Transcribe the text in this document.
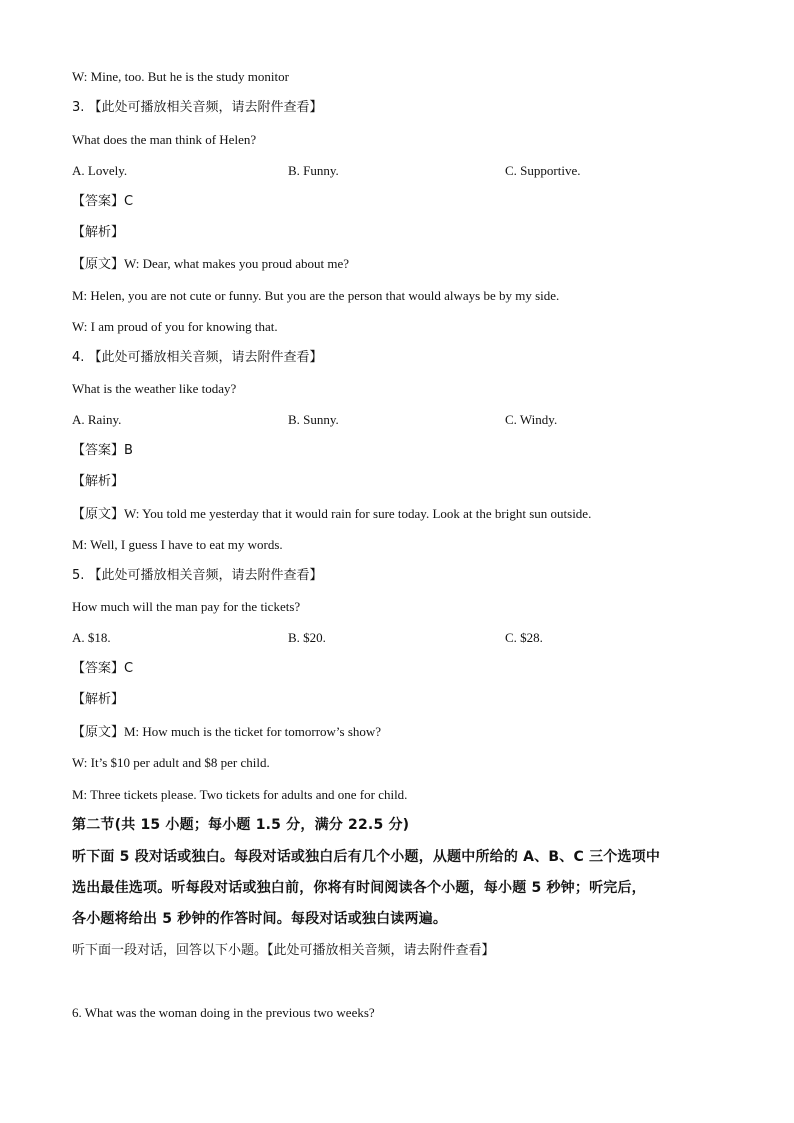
W: Mine, too. But he is the study monitor
3. 【此处可播放相关音频，请去附件查看】
What does the man think of Helen?
A. Lovely.	B. Funny.	C. Supportive.
【答案】C
【解析】
【原文】W: Dear, what makes you proud about me?
M: Helen, you are not cute or funny. But you are the person that would always be by my side.
W: I am proud of you for knowing that.
4. 【此处可播放相关音频，请去附件查看】
What is the weather like today?
A. Rainy.	B. Sunny.	C. Windy.
【答案】B
【解析】
【原文】W: You told me yesterday that it would rain for sure today. Look at the bright sun outside.
M: Well, I guess I have to eat my words.
5. 【此处可播放相关音频，请去附件查看】
How much will the man pay for the tickets?
A. $18.	B. $20.	C. $28.
【答案】C
【解析】
【原文】M: How much is the ticket for tomorrow’s show?
W: It’s $10 per adult and $8 per child.
M: Three tickets please. Two tickets for adults and one for child.
第二节(共 15 小题；每小题 1.5 分，满分 22.5 分)
听下面 5 段对话或独白。每段对话或独白后有几个小题，从题中所给的 A、B、C 三个选项中
选出最佳选项。听每段对话或独白前，你将有时间阅读各个小题，每小题 5 秒钟；听完后，
各小题将给出 5 秒钟的作答时间。每段对话或独白读两遍。
听下面一段对话，回答以下小题。【此处可播放相关音频，请去附件查看】
6. What was the woman doing in the previous two weeks?
